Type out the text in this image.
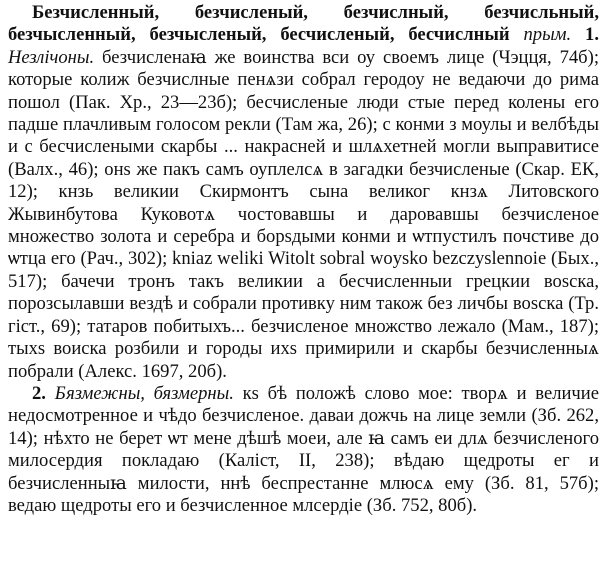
Безчисленный, безчисленый, безчислный, безчисльный, безчысленный, безчысленый, бесчисленый, бесчислный прым. 1. Незлічоны. безчисленаꙗ же воинства вси оу своемъ лице (Чэцця, 74б); которые колиж безчислные пенѧзи собрал геродоу не ведаючи до рима пошол (Пак. Хр., 23—23б); бесчисленые люди стые перед колены его падше плачливым голосом рекли (Там жа, 26); с конми з моулы и велбѣды и с бесчислеными скарбы ... накрасней и шлѧхетней могли выправитисе (Валх., 46); онѕ же пакъ самъ оуплелсѧ в загадки безчисленые (Скар. ЕК, 12); кнзь великии Скирмонтъ сына великог кнзѧ Литовского Жывинбутова Куковотѧ чостовавшы и даровавшы безчисленое множество золота и серебра и борѕдыми конми и ѡтпустилъ почстиве до ѡтца его (Рач., 302); kniaz weliki Witolt sobral woysko bezczyslennoie (Бых., 517); бачечи тронъ такъ великии а бесчисленныи грецкии воѕска, порозсылавши вездѣ и собрали противку ним також без личбы воѕска (Тр. гіст., 69); татаров побитыхъ... безчисленое множство лежало (Мам., 187); тыхѕ воиска розбили и городы ихѕ примирили и скарбы безчисленныѧ побрали (Алекс. 1697, 20б).

2. Бязмежны, бязмерны. кѕ бѣ положѣ слово мое: творѧ и величие недосмотренное и чѣдо безчисленое. даваи дожчь на лице земли (Зб. 262, 14); нѣхто не берет ѡт мене дѣшѣ моеи, але ꙗ самъ еи длѧ безчисленого милосердия покладаю (Каліст, II, 238); вѣдаю щедроты ег и безчисленныꙗ милости, ннѣ беспрестанне млюсѧ ему (Зб. 81, 57б); ведаю щедроты его и безчисленное млсердіе (Зб. 752, 80б).
